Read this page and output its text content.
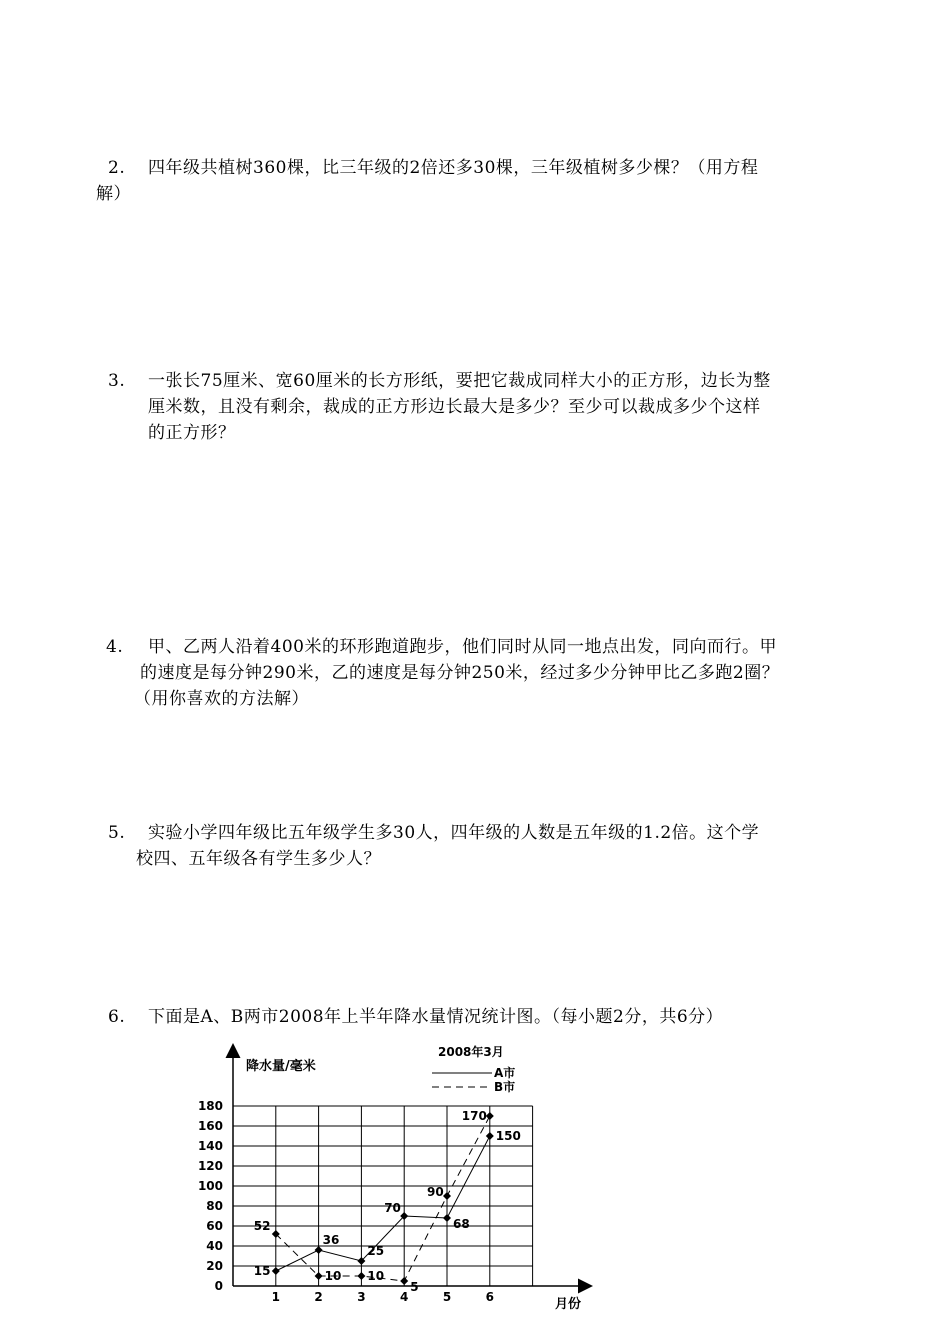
2. 四年级共植树360棵，比三年级的2倍还多30棵，三年级植树多少棵？（用方程
解）
3. 一张长75厘米、宽60厘米的长方形纸，要把它裁成同样大小的正方形，边长为整
厘米数，且没有剩余，裁成的正方形边长最大是多少？至少可以裁成多少个这样
的正方形？
4. 甲、乙两人沿着400米的环形跑道跑步，他们同时从同一地点出发，同向而行。甲
的速度是每分钟290米，乙的速度是每分钟250米，经过多少分钟甲比乙多跑2圈？
（用你喜欢的方法解）
5. 实验小学四年级比五年级学生多30人，四年级的人数是五年级的1.2倍。这个学
校四、五年级各有学生多少人？
6. 下面是A、B两市2008年上半年降水量情况统计图。（每小题2分，共6分）
降水量/毫米
月份
2008年3月
A市
B市
0
20
40
60
80
100
120
140
160
180
1	2	3	4	5	6
15
36
25
70
68
150
52
10 10
5
90
170
